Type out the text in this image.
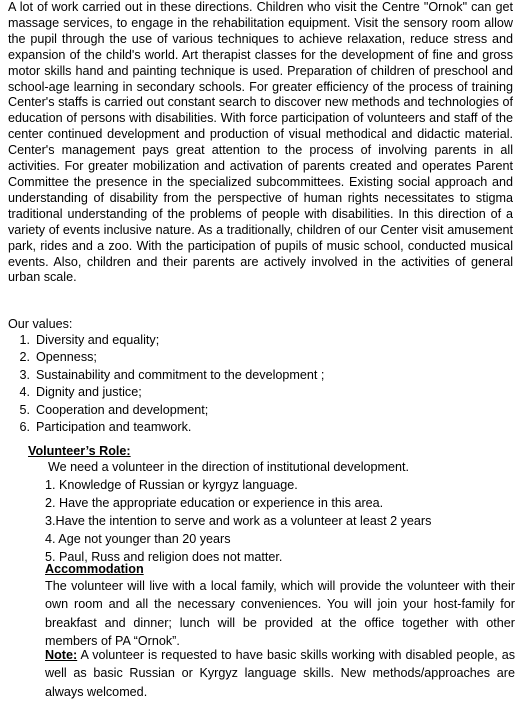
A lot of work carried out in these directions. Children who visit the Centre "Ornok" can get massage services, to engage in the rehabilitation equipment. Visit the sensory room allow the pupil through the use of various techniques to achieve relaxation, reduce stress and expansion of the child's world. Art therapist classes for the development of fine and gross motor skills hand and painting technique is used. Preparation of children of preschool and school-age learning in secondary schools. For greater efficiency of the process of training Center's staffs is carried out constant search to discover new methods and technologies of education of persons with disabilities. With force participation of volunteers and staff of the center continued development and production of visual methodical and didactic material. Center's management pays great attention to the process of involving parents in all activities. For greater mobilization and activation of parents created and operates Parent Committee the presence in the specialized subcommittees. Existing social approach and understanding of disability from the perspective of human rights necessitates to stigma traditional understanding of the problems of people with disabilities. In this direction of a variety of events inclusive nature. As a traditionally, children of our Center visit amusement park, rides and a zoo. With the participation of pupils of music school, conducted musical events. Also, children and their parents are actively involved in the activities of general urban scale.

Our values:

1. Diversity and equality;
2. Openness;
3. Sustainability and commitment to the development ;
4. Dignity and justice;
5. Cooperation and development;
6. Participation and teamwork.

Volunteer’s Role:

We need a volunteer in the direction of institutional development.

1. Knowledge of Russian or kyrgyz language.
2. Have the appropriate education or experience in this area.
3.Have the intention to serve and work as a volunteer at least 2 years
4. Age not younger than 20 years
5. Paul, Russ and religion does not matter.

Accommodation

The volunteer will live with a local family, which will provide the volunteer with their own room and all the necessary conveniences. You will join your host-family for breakfast and dinner; lunch will be provided at the office together with other members of PA “Ornok”.

Note: A volunteer is requested to have basic skills working with disabled people, as well as basic Russian or Kyrgyz language skills. New methods/approaches are always welcomed.
